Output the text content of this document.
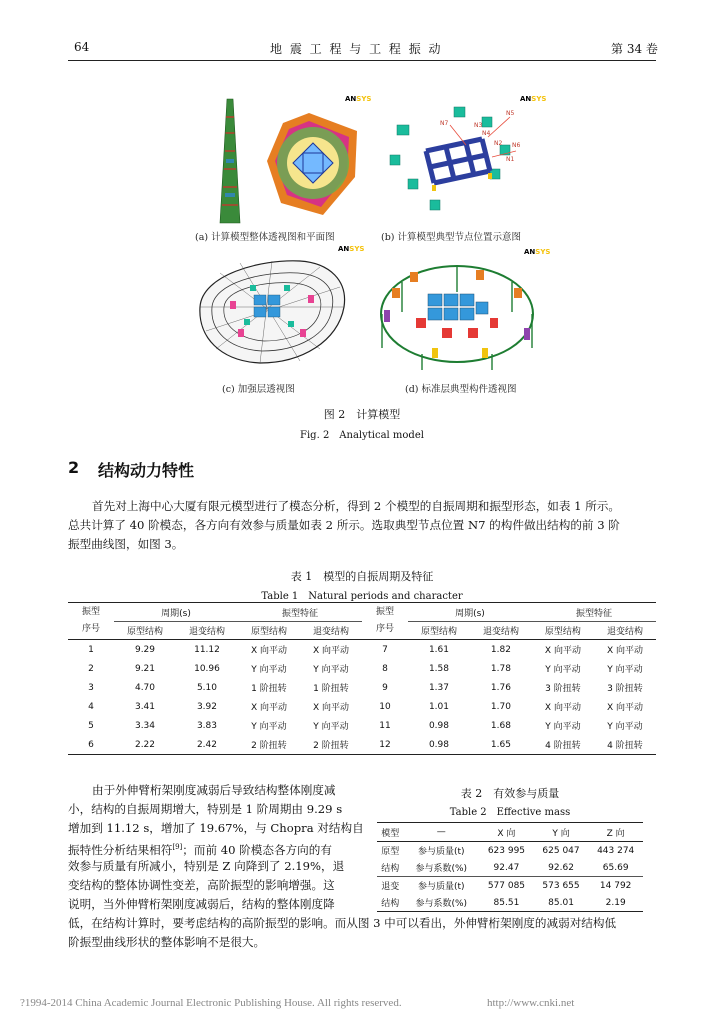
64	地 震 工 程 与 工 程 振 动	第 34 卷
ANSYS
(a) 计算模型整体透视图和平面图
N7
N5
N4
N3
N6
N2
N1
ANSYS
(b) 计算模型典型节点位置示意图
ANSYS
(c) 加强层透视图
ANSYS
(d) 标准层典型构件透视图
图 2　计算模型
Fig. 2　Analytical model
2 结构动力特性
首先对上海中心大厦有限元模型进行了模态分析，得到 2 个模型的自振周期和振型形态，如表 1 所示。
总共计算了 40 阶模态，各方向有效参与质量如表 2 所示。选取典型节点位置 N7 的构件做出结构的前 3 阶
振型曲线图，如图 3。
表 1　模型的自振周期及特征
Table 1　Natural periods and character
振型
序号	周期(s)		振型特征		振型
序号	周期(s)		振型特征	
	原型结构	退变结构	原型结构	退变结构		原型结构	退变结构	原型结构	退变结构
1	9.29	11.12	X 向平动	X 向平动	7	1.61	1.82	X 向平动	X 向平动
2	9.21	10.96	Y 向平动	Y 向平动	8	1.58	1.78	Y 向平动	Y 向平动
3	4.70	5.10	1 阶扭转	1 阶扭转	9	1.37	1.76	3 阶扭转	3 阶扭转
4	3.41	3.92	X 向平动	X 向平动	10	1.01	1.70	X 向平动	X 向平动
5	3.34	3.83	Y 向平动	Y 向平动	11	0.98	1.68	Y 向平动	Y 向平动
6	2.22	2.42	2 阶扭转	2 阶扭转	12	0.98	1.65	4 阶扭转	4 阶扭转
由于外伸臂桁架刚度减弱后导致结构整体刚度减
小，结构的自振周期增大，特别是 1 阶周期由 9.29 s
增加到 11.12 s，增加了 19.67%，与 Chopra 对结构自
振特性分析结果相符[9]；而前 40 阶模态各方向的有
效参与质量有所减小，特别是 Z 向降到了 2.19%，退
变结构的整体协调性变差，高阶振型的影响增强。这
说明，当外伸臂桁架刚度减弱后，结构的整体刚度降
低，在结构计算时，要考虑结构的高阶振型的影响。而从图 3 中可以看出，外伸臂桁架刚度的减弱对结构低
阶振型曲线形状的整体影响不是很大。
表 2　有效参与质量
Table 2　Effective mass
模型	—	X 向	Y 向	Z 向
原型	参与质量(t)	623 995	625 047	443 274
结构	参与系数(%)	92.47	92.62	65.69
退变	参与质量(t)	577 085	573 655	14 792
结构	参与系数(%)	85.51	85.01	2.19
?1994-2014 China Academic Journal Electronic Publishing House. All rights reserved.	http://www.cnki.net
